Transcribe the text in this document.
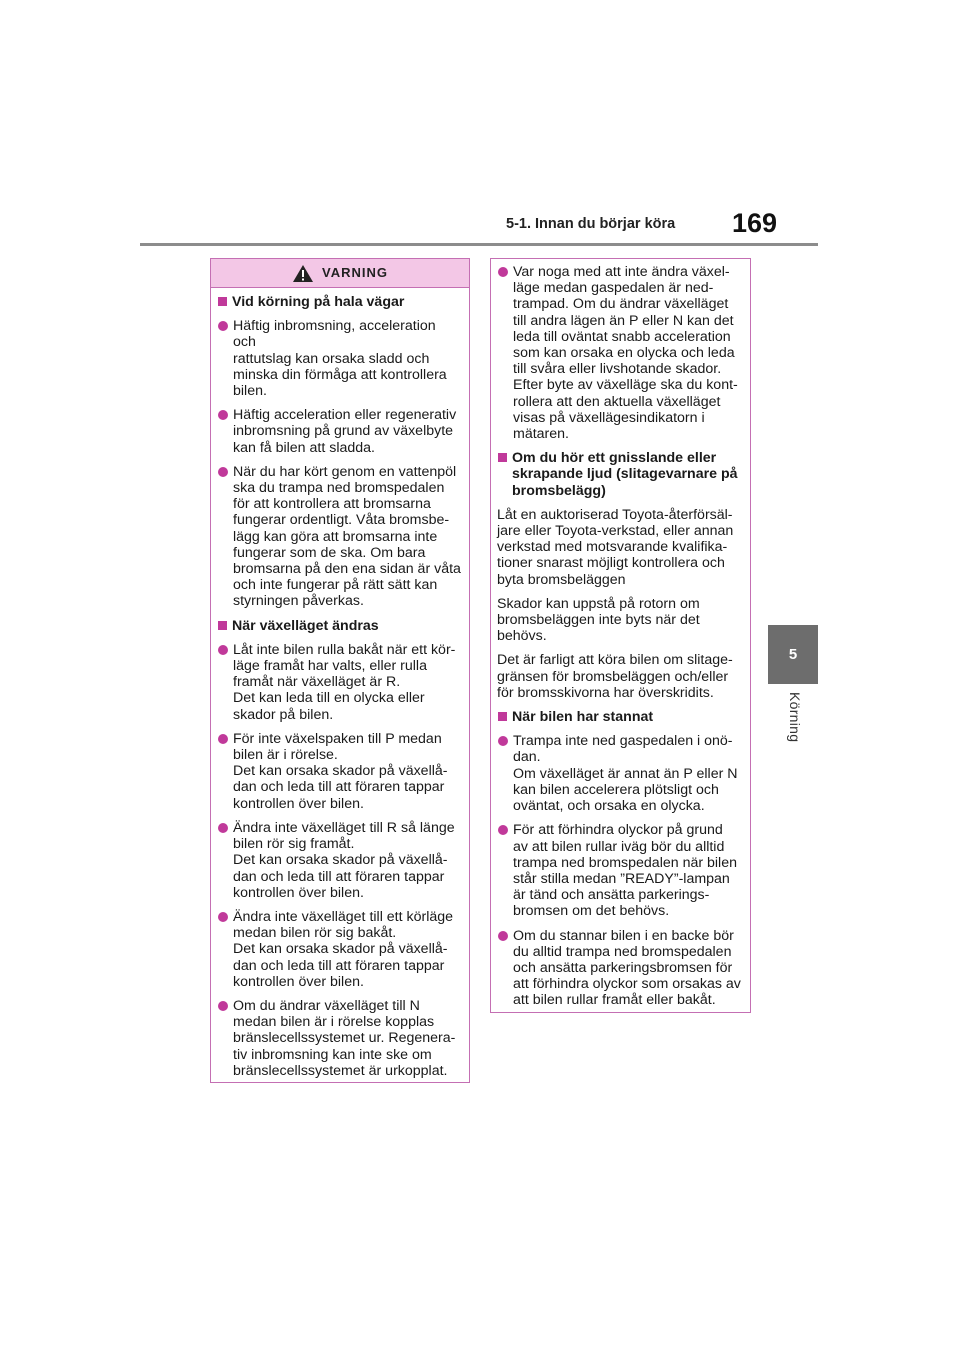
5-1. Innan du börjar köra 169
5
Körning
VARNING
Vid körning på hala vägar
Häftig inbromsning, acceleration och
rattutslag kan orsaka sladd och
minska din förmåga att kontrollera
bilen.
Häftig acceleration eller regenerativ
inbromsning på grund av växelbyte
kan få bilen att sladda.
När du har kört genom en vattenpöl
ska du trampa ned bromspedalen
för att kontrollera att bromsarna
fungerar ordentligt. Våta bromsbe-
lägg kan göra att bromsarna inte
fungerar som de ska. Om bara
bromsarna på den ena sidan är våta
och inte fungerar på rätt sätt kan
styrningen påverkas.
När växelläget ändras
Låt inte bilen rulla bakåt när ett kör-
läge framåt har valts, eller rulla
framåt när växelläget är R.
Det kan leda till en olycka eller
skador på bilen.
För inte växelspaken till P medan
bilen är i rörelse.
Det kan orsaka skador på växellå-
dan och leda till att föraren tappar
kontrollen över bilen.
Ändra inte växelläget till R så länge
bilen rör sig framåt.
Det kan orsaka skador på växellå-
dan och leda till att föraren tappar
kontrollen över bilen.
Ändra inte växelläget till ett körläge
medan bilen rör sig bakåt.
Det kan orsaka skador på växellå-
dan och leda till att föraren tappar
kontrollen över bilen.
Om du ändrar växelläget till N
medan bilen är i rörelse kopplas
bränslecellssystemet ur. Regenera-
tiv inbromsning kan inte ske om
bränslecellssystemet är urkopplat.
Var noga med att inte ändra växel-
läge medan gaspedalen är ned-
trampad. Om du ändrar växelläget
till andra lägen än P eller N kan det
leda till oväntat snabb acceleration
som kan orsaka en olycka och leda
till svåra eller livshotande skador.
Efter byte av växelläge ska du kont-
rollera att den aktuella växelläget
visas på växellägesindikatorn i
mätaren.
Om du hör ett gnisslande eller
skrapande ljud (slitagevarnare på
bromsbelägg)
Låt en auktoriserad Toyota-återförsäl-
jare eller Toyota-verkstad, eller annan
verkstad med motsvarande kvalifika-
tioner snarast möjligt kontrollera och
byta bromsbeläggen
Skador kan uppstå på rotorn om
bromsbeläggen inte byts när det
behövs.
Det är farligt att köra bilen om slitage-
gränsen för bromsbeläggen och/eller
för bromsskivorna har överskridits.
När bilen har stannat
Trampa inte ned gaspedalen i onö-
dan.
Om växelläget är annat än P eller N
kan bilen accelerera plötsligt och
oväntat, och orsaka en olycka.
För att förhindra olyckor på grund
av att bilen rullar iväg bör du alltid
trampa ned bromspedalen när bilen
står stilla medan ”READY”-lampan
är tänd och ansätta parkerings-
bromsen om det behövs.
Om du stannar bilen i en backe bör
du alltid trampa ned bromspedalen
och ansätta parkeringsbromsen för
att förhindra olyckor som orsakas av
att bilen rullar framåt eller bakåt.
